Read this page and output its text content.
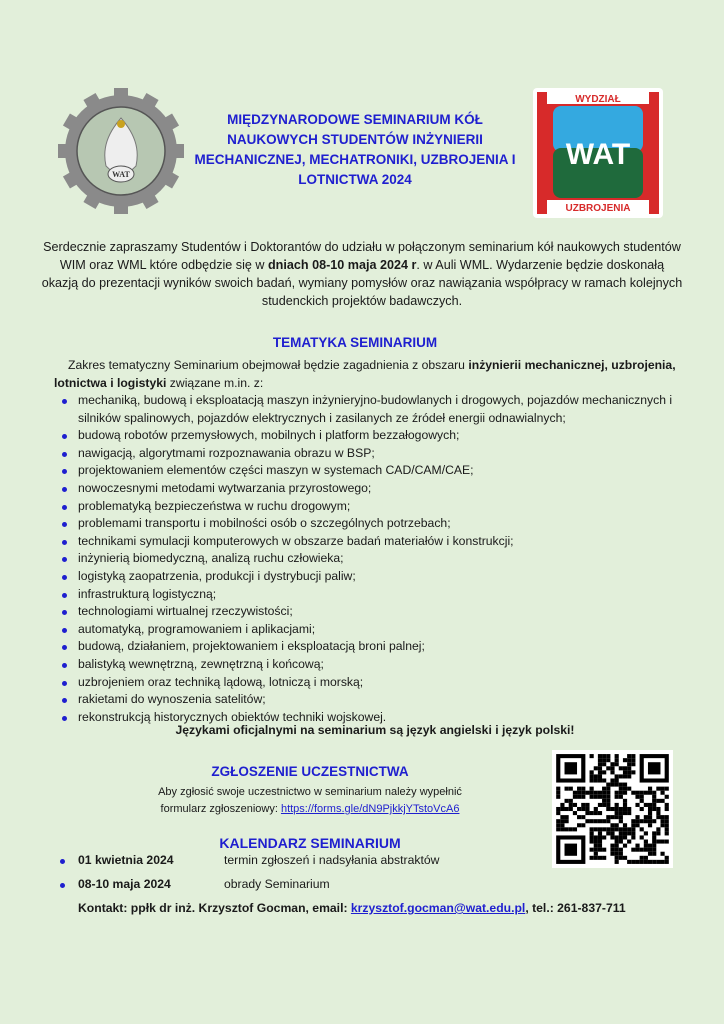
WAT
MIĘDZYNARODOWE SEMINARIUM KÓŁ NAUKOWYCH STUDENTÓW INŻYNIERII MECHANICZNEJ, MECHATRONIKI, UZBROJENIA I LOTNICTWA 2024
WAT
WYDZIAŁ
UZBROJENIA
Serdecznie zapraszamy Studentów i Doktorantów do udziału w połączonym seminarium kół naukowych studentów WIM oraz WML które odbędzie się w dniach 08-10 maja 2024 r. w Auli WML. Wydarzenie będzie doskonałą okazją do prezentacji wyników swoich badań, wymiany pomysłów oraz nawiązania współpracy w ramach kolejnych studenckich projektów badawczych.
TEMATYKA SEMINARIUM
Zakres tematyczny Seminarium obejmował będzie zagadnienia z obszaru inżynierii mechanicznej, uzbrojenia, lotnictwa i logistyki związane m.in. z:
mechaniką, budową i eksploatacją maszyn inżynieryjno-budowlanych i drogowych, pojazdów mechanicznych i silników spalinowych, pojazdów elektrycznych i zasilanych ze źródeł energii odnawialnych;
budową robotów przemysłowych, mobilnych i platform bezzałogowych;
nawigacją, algorytmami rozpoznawania obrazu w BSP;
projektowaniem elementów części maszyn w systemach CAD/CAM/CAE;
nowoczesnymi metodami wytwarzania przyrostowego;
problematyką bezpieczeństwa w ruchu drogowym;
problemami transportu i mobilności osób o szczególnych potrzebach;
technikami symulacji komputerowych w obszarze badań materiałów i konstrukcji;
inżynierią biomedyczną, analizą ruchu człowieka;
logistyką zaopatrzenia, produkcji i dystrybucji paliw;
infrastrukturą logistyczną;
technologiami wirtualnej rzeczywistości;
automatyką, programowaniem i aplikacjami;
budową, działaniem, projektowaniem i eksploatacją broni palnej;
balistyką wewnętrzną, zewnętrzną i końcową;
uzbrojeniem oraz techniką lądową, lotniczą i morską;
rakietami do wynoszenia satelitów;
rekonstrukcją historycznych obiektów techniki wojskowej.
Językami oficjalnymi na seminarium są język angielski i język polski!
ZGŁOSZENIE UCZESTNICTWA
Aby zgłosić swoje uczestnictwo w seminarium należy wypełnić
formularz zgłoszeniowy: https://forms.gle/dN9PjkkjYTstoVcA6
KALENDARZ SEMINARIUM
01 kwietnia 2024	termin zgłoszeń i nadsyłania abstraktów
08-10 maja 2024	obrady Seminarium
Kontakt: ppłk dr inż. Krzysztof Gocman, email: krzysztof.gocman@wat.edu.pl, tel.: 261-837-711
